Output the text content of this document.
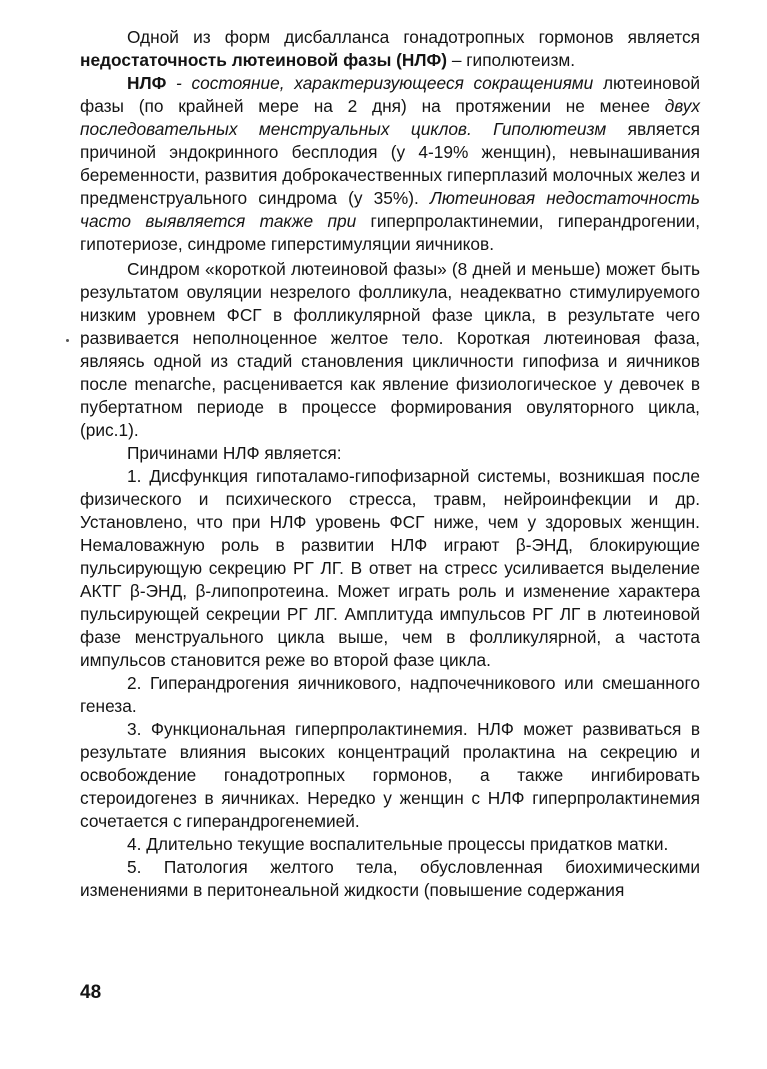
Одной из форм дисбалланса гонадотропных гормонов является недостаточность лютеиновой фазы (НЛФ) – гиполютеизм.

НЛФ - состояние, характеризующееся сокращениями лютеиновой фазы (по крайней мере на 2 дня) на протяжении не менее двух последовательных менструальных циклов. Гиполютеизм является причиной эндокринного бесплодия (у 4-19% женщин), невынашивания беременности, развития доброкачественных гиперплазий молочных желез и предменструального синдрома (у 35%). Лютеиновая недостаточность часто выявляется также при гиперпролактинемии, гиперандрогении, гипотериозе, синдроме гиперстимуляции яичников.

Синдром «короткой лютеиновой фазы» (8 дней и меньше) может быть результатом овуляции незрелого фолликула, неадекватно стимулируемого низким уровнем ФСГ в фолликулярной фазе цикла, в результате чего развивается неполноценное желтое тело. Короткая лютеиновая фаза, являясь одной из стадий становления цикличности гипофиза и яичников после menarche, расценивается как явление физиологическое у девочек в пубертатном периоде в процессе формирования овуляторного цикла, (рис.1).

Причинами НЛФ является:

1. Дисфункция гипоталамо-гипофизарной системы, возникшая после физического и психического стресса, травм, нейроинфекции и др. Установлено, что при НЛФ уровень ФСГ ниже, чем у здоровых женщин. Немаловажную роль в развитии НЛФ играют β-ЭНД, блокирующие пульсирующую секрецию РГ ЛГ. В ответ на стресс усиливается выделение АКТГ β-ЭНД, β-липопротеина. Может играть роль и изменение характера пульсирующей секреции РГ ЛГ. Амплитуда импульсов РГ ЛГ в лютеиновой фазе менструального цикла выше, чем в фолликулярной, а частота импульсов становится реже во второй фазе цикла.

2. Гиперандрогения яичникового, надпочечникового или смешанного генеза.

3. Функциональная гиперпролактинемия. НЛФ может развиваться в результате влияния высоких концентраций пролактина на секрецию и освобождение гонадотропных гормонов, а также ингибировать стероидогенез в яичниках. Нередко у женщин с НЛФ гиперпролактинемия сочетается с гиперандрогенемией.

4. Длительно текущие воспалительные процессы придатков матки.

5. Патология желтого тела, обусловленная биохимическими изменениями в перитонеальной жидкости (повышение содержания

48
